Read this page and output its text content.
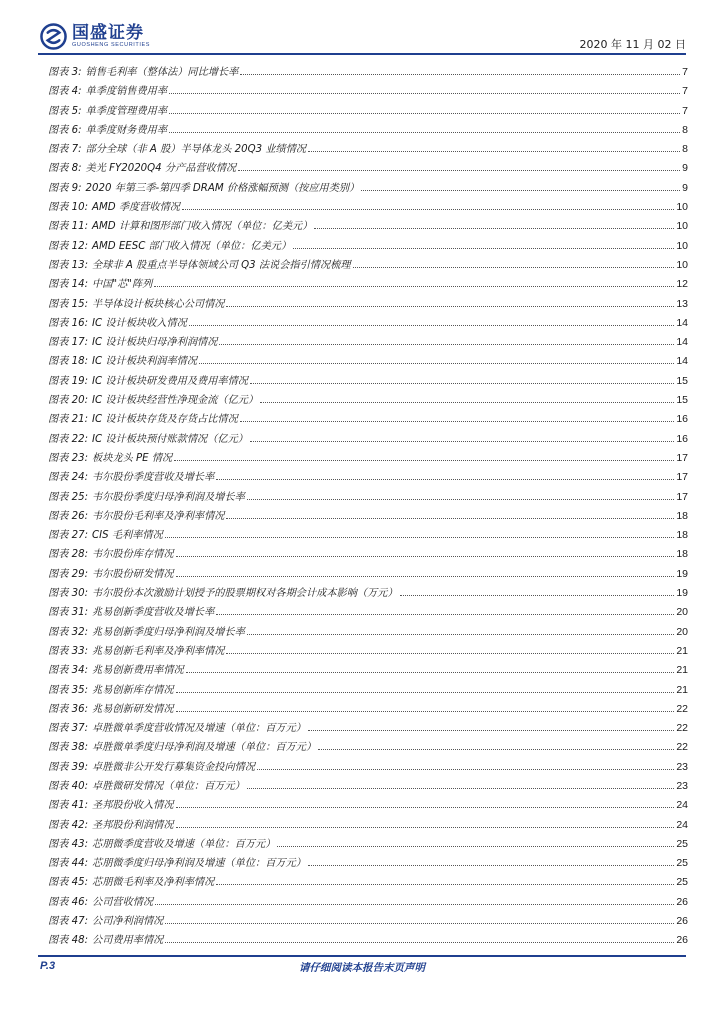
国盛证券
GUOSHENG SECURITIES	2020 年 11 月 02 日
图表 3: 销售毛利率（整体法）同比增长率	7
图表 4: 单季度销售费用率	7
图表 5: 单季度管理费用率	7
图表 6: 单季度财务费用率	8
图表 7: 部分全球（非 A 股）半导体龙头 20Q3 业绩情况	8
图表 8: 美光 FY2020Q4 分产品营收情况	9
图表 9: 2020 年第三季-第四季 DRAM 价格涨幅预测（按应用类别）	9
图表 10: AMD 季度营收情况	10
图表 11: AMD 计算和图形部门收入情况（单位：亿美元）	10
图表 12: AMD EESC 部门收入情况（单位：亿美元）	10
图表 13: 全球非 A 股重点半导体领域公司 Q3 法说会指引情况梳理	10
图表 14: 中国"芯"阵列	12
图表 15: 半导体设计板块核心公司情况	13
图表 16: IC 设计板块收入情况	14
图表 17: IC 设计板块归母净利润情况	14
图表 18: IC 设计板块利润率情况	14
图表 19: IC 设计板块研发费用及费用率情况	15
图表 20: IC 设计板块经营性净现金流（亿元）	15
图表 21: IC 设计板块存货及存货占比情况	16
图表 22: IC 设计板块预付账款情况（亿元）	16
图表 23: 板块龙头 PE 情况	17
图表 24: 韦尔股份季度营收及增长率	17
图表 25: 韦尔股份季度归母净利润及增长率	17
图表 26: 韦尔股份毛利率及净利率情况	18
图表 27: CIS 毛利率情况	18
图表 28: 韦尔股份库存情况	18
图表 29: 韦尔股份研发情况	19
图表 30: 韦尔股份本次激励计划授予的股票期权对各期会计成本影响（万元）	19
图表 31: 兆易创新季度营收及增长率	20
图表 32: 兆易创新季度归母净利润及增长率	20
图表 33: 兆易创新毛利率及净利率情况	21
图表 34: 兆易创新费用率情况	21
图表 35: 兆易创新库存情况	21
图表 36: 兆易创新研发情况	22
图表 37: 卓胜微单季度营收情况及增速（单位：百万元）	22
图表 38: 卓胜微单季度归母净利润及增速（单位：百万元）	22
图表 39: 卓胜微非公开发行募集资金投向情况	23
图表 40: 卓胜微研发情况（单位：百万元）	23
图表 41: 圣邦股份收入情况	24
图表 42: 圣邦股份利润情况	24
图表 43: 芯朋微季度营收及增速（单位：百万元）	25
图表 44: 芯朋微季度归母净利润及增速（单位：百万元）	25
图表 45: 芯朋微毛利率及净利率情况	25
图表 46: 公司营收情况	26
图表 47: 公司净利润情况	26
图表 48: 公司费用率情况	26
P.3	请仔细阅读本报告末页声明
